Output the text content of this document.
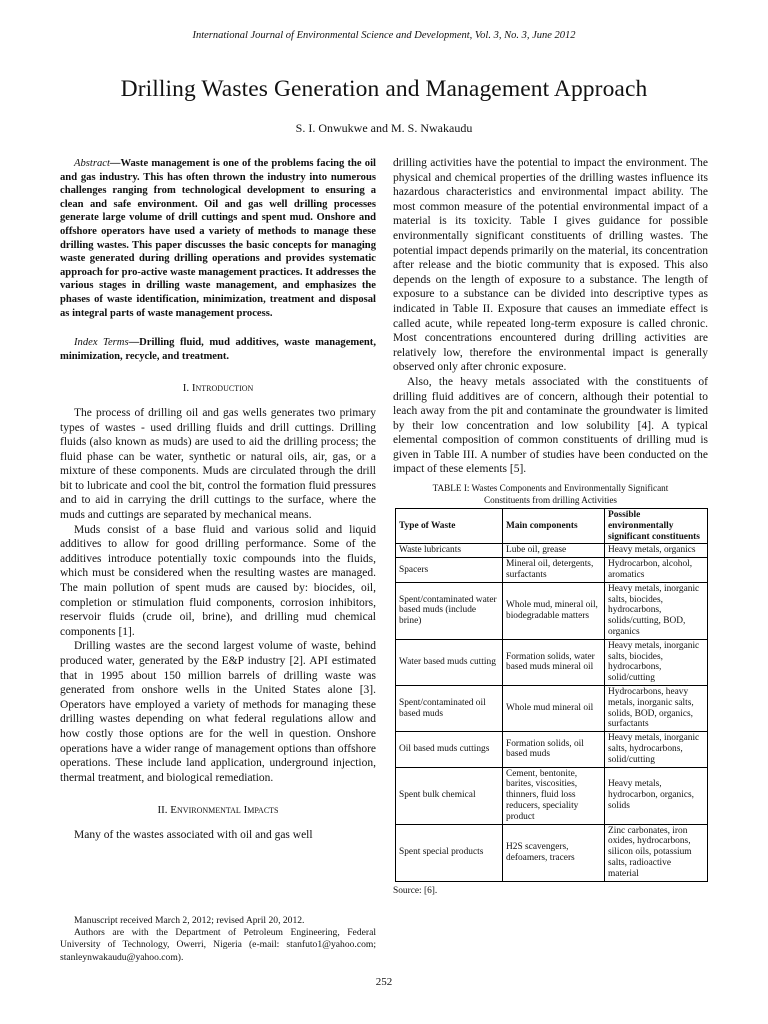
International Journal of Environmental Science and Development, Vol. 3, No. 3, June 2012
Drilling Wastes Generation and Management Approach
S. I. Onwukwe and M. S. Nwakaudu

Abstract—Waste management is one of the problems facing the oil and gas industry. This has often thrown the industry into numerous challenges ranging from technological development to ensuring a clean and safe environment. Oil and gas well drilling processes generate large volume of drill cuttings and spent mud. Onshore and offshore operators have used a variety of methods to manage these drilling wastes. This paper discusses the basic concepts for managing waste generated during drilling operations and provides systematic approach for pro-active waste management practices. It addresses the various stages in drilling waste management, and emphasizes the phases of waste identification, minimization, treatment and disposal as integral parts of waste management process.

Index Terms—Drilling fluid, mud additives, waste management, minimization, recycle, and treatment.

I. Introduction

The process of drilling oil and gas wells generates two primary types of wastes - used drilling fluids and drill cuttings. Drilling fluids (also known as muds) are used to aid the drilling process; the fluid phase can be water, synthetic or natural oils, air, gas, or a mixture of these components. Muds are circulated through the drill bit to lubricate and cool the bit, control the formation fluid pressures and to aid in carrying the drill cuttings to the surface, where the muds and cuttings are separated by mechanical means.

Muds consist of a base fluid and various solid and liquid additives to allow for good drilling performance. Some of the additives introduce potentially toxic compounds into the fluids, which must be considered when the resulting wastes are managed. The main pollution of spent muds are caused by: biocides, oil, completion or stimulation fluid components, corrosion inhibitors, reservoir fluids (crude oil, brine), and drilling mud chemical components [1].

Drilling wastes are the second largest volume of waste, behind produced water, generated by the E&P industry [2]. API estimated that in 1995 about 150 million barrels of drilling waste was generated from onshore wells in the United States alone [3]. Operators have employed a variety of methods for managing these drilling wastes depending on what federal regulations allow and how costly those options are for the well in question. Onshore operations have a wider range of management options than offshore operations. These include land application, underground injection, thermal treatment, and biological remediation.

II. Environmental Impacts

Many of the wastes associated with oil and gas well

Manuscript received March 2, 2012; revised April 20, 2012.

Authors are with the Department of Petroleum Engineering, Federal University of Technology, Owerri, Nigeria (e-mail: stanfuto1@yahoo.com; stanleynwakaudu@yahoo.com).

drilling activities have the potential to impact the environment. The physical and chemical properties of the drilling wastes influence its hazardous characteristics and environmental impact ability. The most common measure of the potential environmental impact of a material is its toxicity. Table I gives guidance for possible environmentally significant constituents of drilling wastes. The potential impact depends primarily on the material, its concentration after release and the biotic community that is exposed. This also depends on the length of exposure to a substance. The length of exposure to a substance can be divided into descriptive types as indicated in Table II. Exposure that causes an immediate effect is called acute, while repeated long-term exposure is called chronic. Most concentrations encountered during drilling activities are relatively low, therefore the environmental impact is generally observed only after chronic exposure.

Also, the heavy metals associated with the constituents of drilling fluid additives are of concern, although their potential to leach away from the pit and contaminate the groundwater is limited by their low concentration and low solubility [4]. A typical elemental composition of common constituents of drilling mud is given in Table III. A number of studies have been conducted on the impact of these elements [5].

TABLE I: Wastes Components and Environmentally Significant
Constituents from drilling Activities
Type of Waste	Main components	Possible environmentally significant constituents
Waste lubricants	Lube oil, grease	Heavy metals, organics
Spacers	Mineral oil, detergents, surfactants	Hydrocarbon, alcohol, aromatics
Spent/contaminated water based muds (include brine)	Whole mud, mineral oil, biodegradable matters	Heavy metals, inorganic salts, biocides, hydrocarbons, solids/cutting, BOD, organics
Water based muds cutting	Formation solids, water based muds mineral oil	Heavy metals, inorganic salts, biocides, hydrocarbons, solid/cutting
Spent/contaminated oil based muds	Whole mud mineral oil	Hydrocarbons, heavy metals, inorganic salts, solids, BOD, organics, surfactants
Oil based muds cuttings	Formation solids, oil based muds	Heavy metals, inorganic salts, hydrocarbons, solid/cutting
Spent bulk chemical	Cement, bentonite, barites, viscosities, thinners, fluid loss reducers, speciality product	Heavy metals, hydrocarbon, organics, solids
Spent special products	H2S scavengers, defoamers, tracers	Zinc carbonates, iron oxides, hydrocarbons, silicon oils, potassium salts, radioactive material
Source: [6].
252
